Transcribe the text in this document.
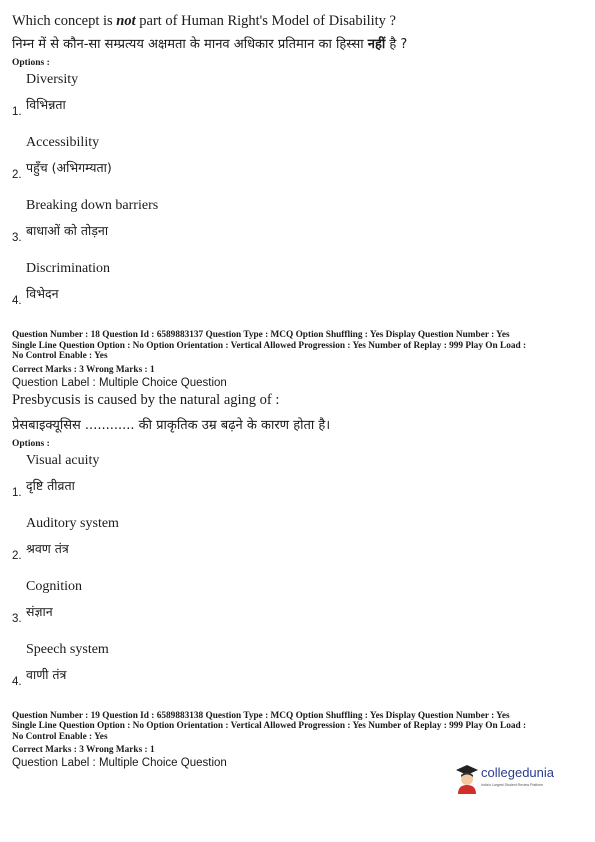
Which concept is not part of Human Right's Model of Disability ?
निम्न में से कौन-सा सम्प्रत्यय अक्षमता के मानव अधिकार प्रतिमान का हिस्सा नहीं है ?
Options :
Diversity
1. विभिन्नता
Accessibility
2. पहुँच (अभिगम्यता)
Breaking down barriers
3. बाधाओं को तोड़ना
Discrimination
4. विभेदन
Question Number : 18 Question Id : 6589883137 Question Type : MCQ Option Shuffling : Yes Display Question Number : Yes
Single Line Question Option : No Option Orientation : Vertical Allowed Progression : Yes Number of Replay : 999 Play On Load :
No Control Enable : Yes
Correct Marks : 3 Wrong Marks : 1
Question Label : Multiple Choice Question
Presbycusis is caused by the natural aging of :
प्रेसबाइक्यूसिस ............ की प्राकृतिक उम्र बढ़ने के कारण होता है।
Options :
Visual acuity
1. दृष्टि तीव्रता
Auditory system
2. श्रवण तंत्र
Cognition
3. संज्ञान
Speech system
4. वाणी तंत्र
Question Number : 19 Question Id : 6589883138 Question Type : MCQ Option Shuffling : Yes Display Question Number : Yes
Single Line Question Option : No Option Orientation : Vertical Allowed Progression : Yes Number of Replay : 999 Play On Load :
No Control Enable : Yes
Correct Marks : 3 Wrong Marks : 1
Question Label : Multiple Choice Question
collegedunia
India's Largest Student Review Platform
